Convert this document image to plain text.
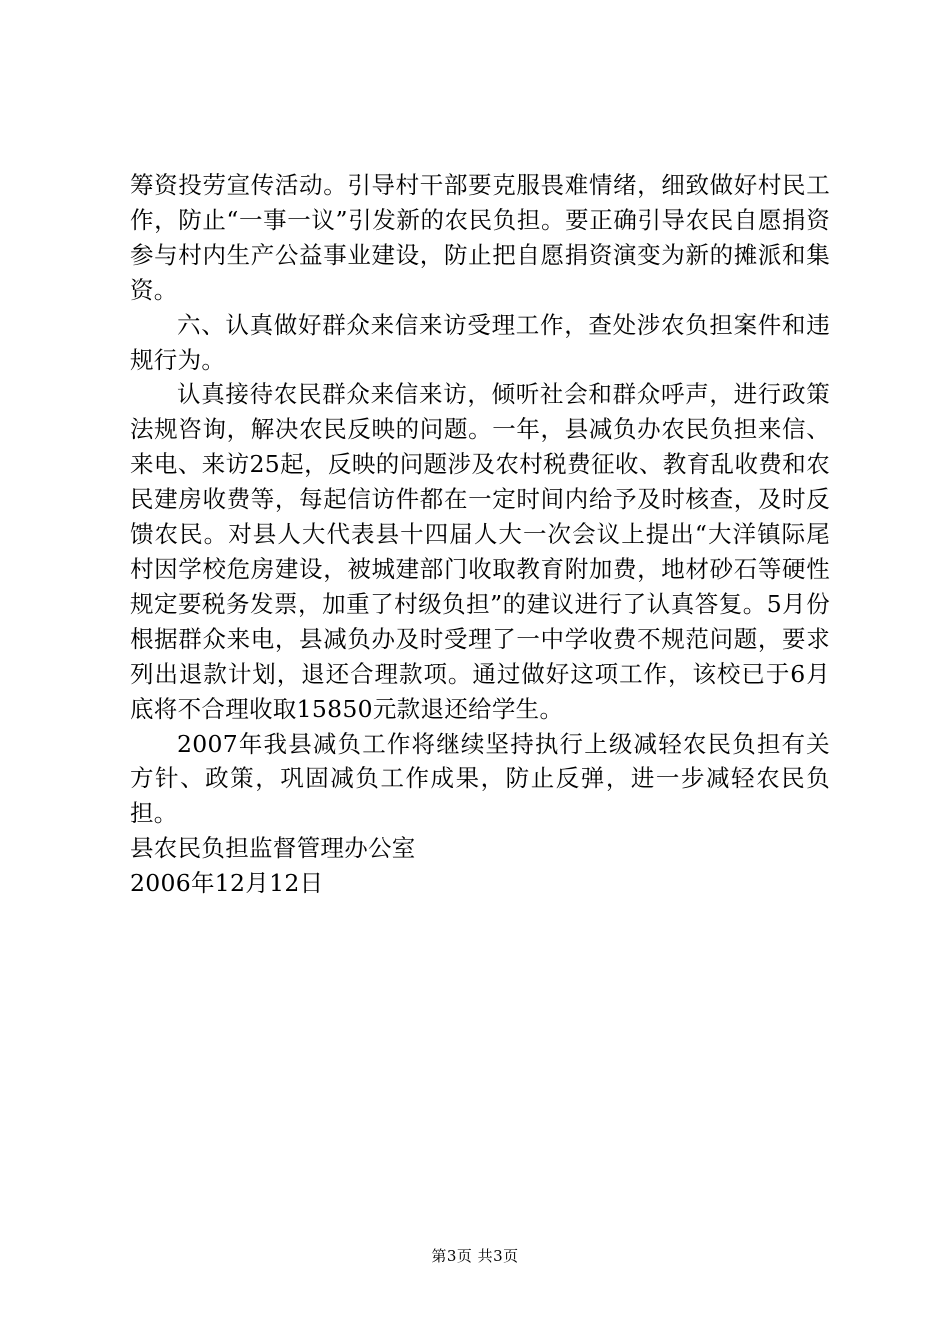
筹资投劳宣传活动。引导村干部要克服畏难情绪，细致做好村民工作，防止“一事一议”引发新的农民负担。要正确引导农民自愿捐资参与村内生产公益事业建设，防止把自愿捐资演变为新的摊派和集资。

六、认真做好群众来信来访受理工作，查处涉农负担案件和违规行为。

认真接待农民群众来信来访，倾听社会和群众呼声，进行政策法规咨询，解决农民反映的问题。一年，县减负办农民负担来信、来电、来访25起，反映的问题涉及农村税费征收、教育乱收费和农民建房收费等，每起信访件都在一定时间内给予及时核查，及时反馈农民。对县人大代表县十四届人大一次会议上提出“大洋镇际尾村因学校危房建设，被城建部门收取教育附加费，地材砂石等硬性规定要税务发票，加重了村级负担”的建议进行了认真答复。5月份根据群众来电，县减负办及时受理了一中学收费不规范问题，要求列出退款计划，退还合理款项。通过做好这项工作，该校已于6月底将不合理收取15850元款退还给学生。

2007年我县减负工作将继续坚持执行上级减轻农民负担有关方针、政策，巩固减负工作成果，防止反弹，进一步减轻农民负担。

县农民负担监督管理办公室

2006年12月12日

第3页 共3页
